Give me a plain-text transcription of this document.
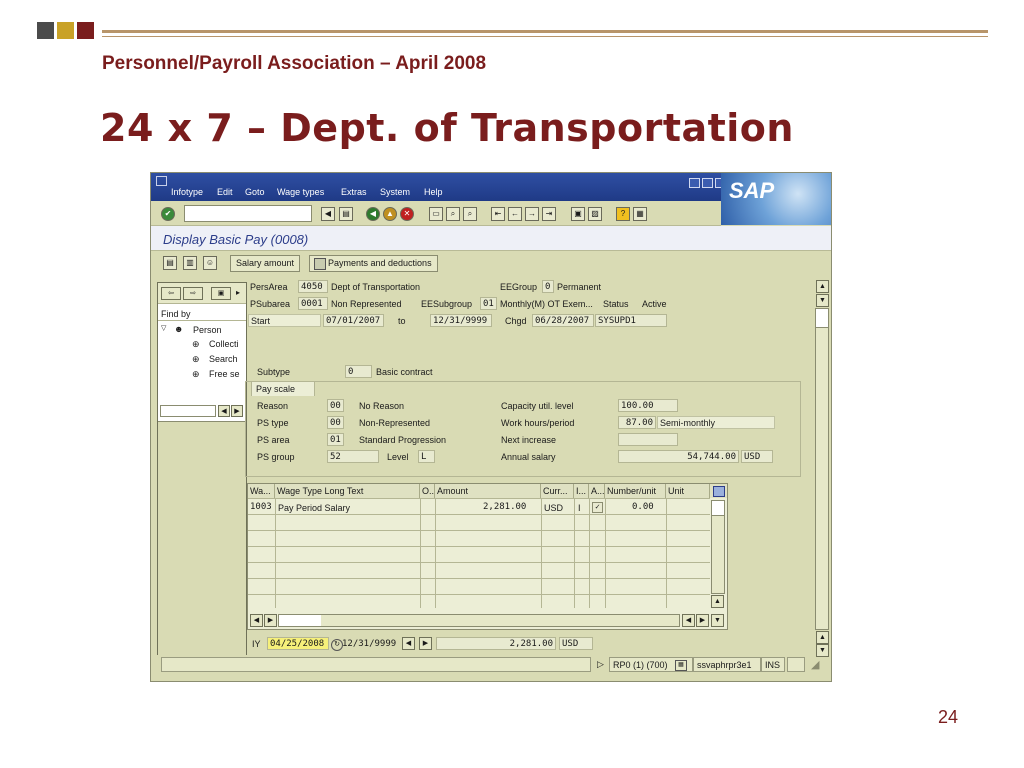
Personnel/Payroll Association – April 2008
24 x 7 – Dept. of Transportation
24
Infotype Edit Goto Wage types Extras System Help	SAP
✔	◀	▤	◀	▲	✕	▭	⌕	⌕	⇤	←	→	⇥	▣	▨	?	▦
Display Basic Pay (0008)
▤	▥	☺	Salary amount	Payments and deductions
⇦	⇨	▣	▸
Find by
▽ ☻ Person
⊕ Collecti
⊕ Search
⊕ Free se
◀	▶
PersArea	4050 Dept of Transportation	EEGroup 0 Permanent
PSubarea	0001 Non Represented EESubgroup	01 Monthly(M) OT Exem... Status Active
Start	07/01/2007	to	12/31/9999	Chgd 06/28/2007 SYSUPD1
Subtype	0	Basic contract
Pay scale
Reason	00	No Reason	Capacity util. level	100.00
PS type	00	Non-Represented	Work hours/period	87.00 Semi-monthly
PS area	01	Standard Progression	Next increase
PS group	52	Level	L	Annual salary	54,744.00 USD
Wa... Wage Type Long Text	O.. Amount	Curr... I... A... Number/unit	Unit
1003 Pay Period Salary	2,281.00 USD I	✓	0.00
▲
▼
◀	▶	◀	▶
IY	04/25/2008	↻ 12/31/9999	◀	▶	2,281.00	USD
▲
▼
▲
▼
▷	RP0 (1) (700)	▦	ssvaphrpr3e1	INS	◢
